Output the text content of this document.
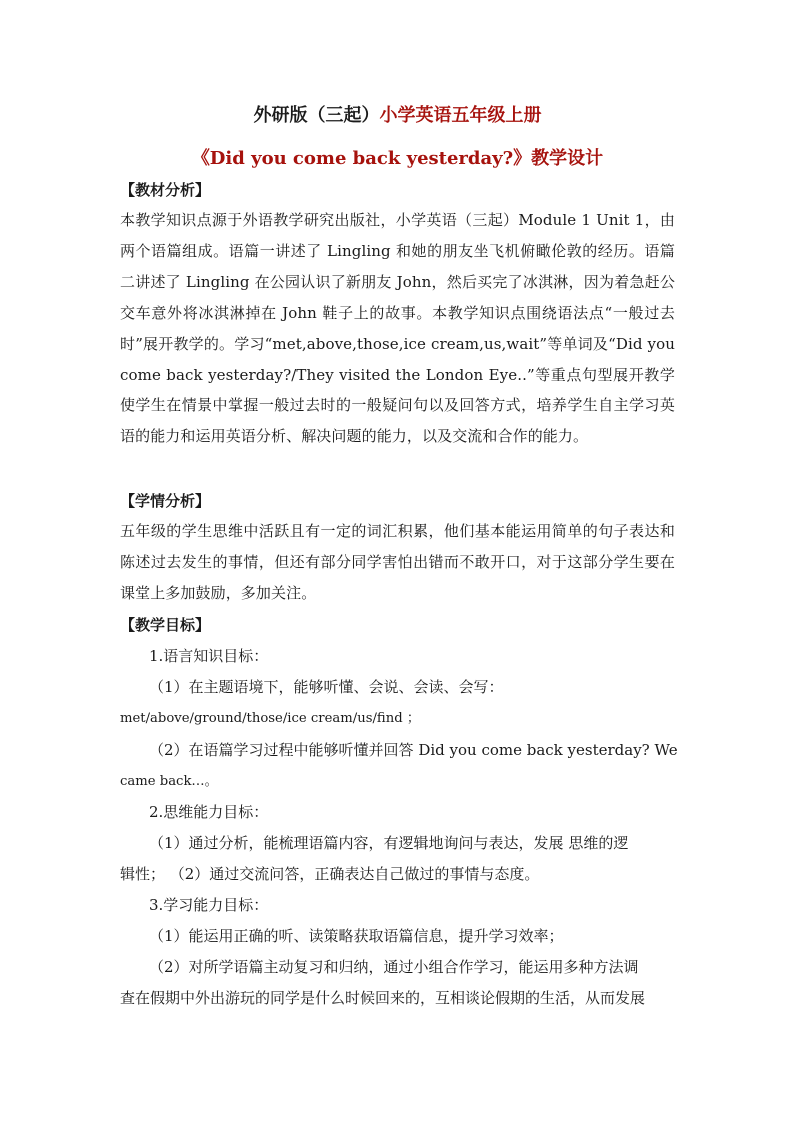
外研版（三起）小学英语五年级上册
《Did you come back yesterday?》教学设计
【教材分析】
本教学知识点源于外语教学研究出版社，小学英语（三起）Module 1 Unit 1，由两个语篇组成。语篇一讲述了 Lingling 和她的朋友坐飞机俯瞰伦敦的经历。语篇二讲述了 Lingling 在公园认识了新朋友 John，然后买完了冰淇淋，因为着急赶公交车意外将冰淇淋掉在 John 鞋子上的故事。本教学知识点围绕语法点“一般过去时”展开教学的。学习“met,above,those,ice cream,us,wait”等单词及“Did you come back yesterday?/They visited the London Eye..”等重点句型展开教学使学生在情景中掌握一般过去时的一般疑问句以及回答方式，培养学生自主学习英语的能力和运用英语分析、解决问题的能力，以及交流和合作的能力。
【学情分析】
五年级的学生思维中活跃且有一定的词汇积累，他们基本能运用简单的句子表达和陈述过去发生的事情，但还有部分同学害怕出错而不敢开口，对于这部分学生要在课堂上多加鼓励，多加关注。
【教学目标】
1.语言知识目标：
（1）在主题语境下，能够听懂、会说、会读、会写：
met/above/ground/those/ice cream/us/find ；
（2）在语篇学习过程中能够听懂并回答 Did you come back yesterday? We
came back…。
2.思维能力目标：
（1）通过分析，能梳理语篇内容，有逻辑地询问与表达，发展 思维的逻
辑性； （2）通过交流问答，正确表达自己做过的事情与态度。
3.学习能力目标：
（1）能运用正确的听、读策略获取语篇信息，提升学习效率；
（2）对所学语篇主动复习和归纳，通过小组合作学习，能运用多种方法调
查在假期中外出游玩的同学是什么时候回来的，互相谈论假期的生活，从而发展
